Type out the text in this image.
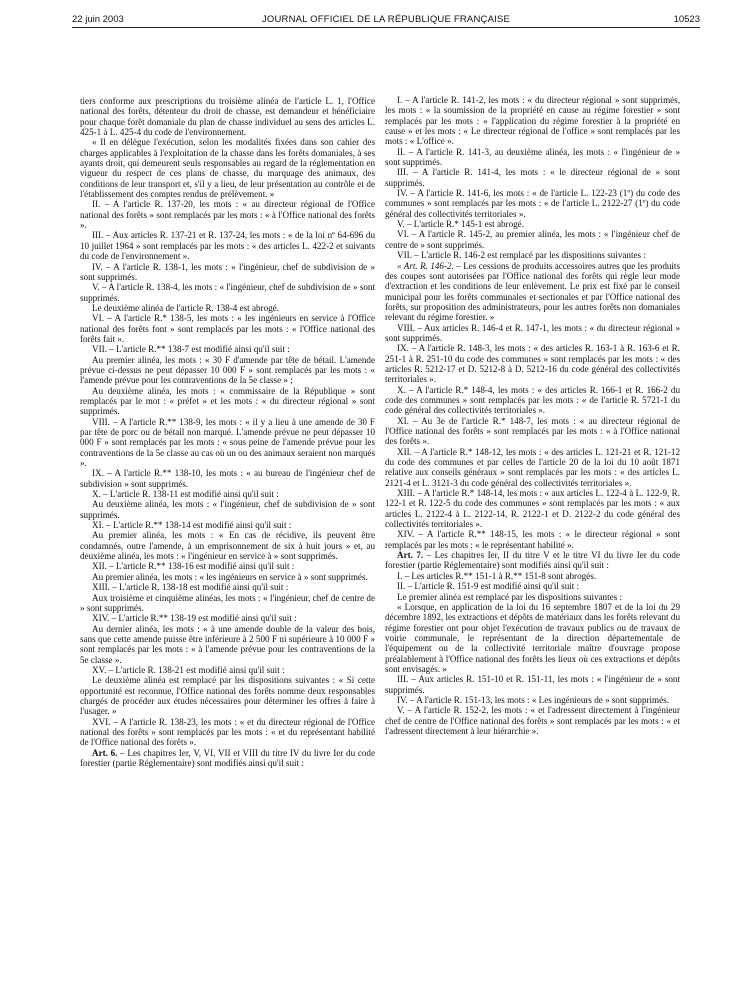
22 juin 2003	JOURNAL OFFICIEL DE LA RÉPUBLIQUE FRANÇAISE	10523

tiers conforme aux prescriptions du troisième alinéa de l'article L. 1, l'Office national des forêts, détenteur du droit de chasse, est demandeur et bénéficiaire pour chaque forêt domaniale du plan de chasse individuel au sens des articles L. 425-1 à L. 425-4 du code de l'environnement.

« Il en délègue l'exécution, selon les modalités fixées dans son cahier des charges applicables à l'exploitation de la chasse dans les forêts domaniales, à ses ayants droit, qui demeurent seuls responsables au regard de la réglementation en vigueur du respect de ces plans de chasse, du marquage des animaux, des conditions de leur transport et, s'il y a lieu, de leur présentation au contrôle et de l'établissement des comptes rendus de prélèvement. »

II. – A l'article R. 137-20, les mots : « au directeur régional de l'Office national des forêts » sont remplacés par les mots : « à l'Office national des forêts ».

III. – Aux articles R. 137-21 et R. 137-24, les mots : « de la loi nº 64-696 du 10 juillet 1964 » sont remplacés par les mots : « des articles L. 422-2 et suivants du code de l'environnement ».

IV. – A l'article R. 138-1, les mots : « l'ingénieur, chef de subdivision de » sont supprimés.

V. – A l'article R. 138-4, les mots : « l'ingénieur, chef de subdivision de » sont supprimés.

Le deuxième alinéa de l'article R. 138-4 est abrogé.

VI. – A l'article R.* 138-5, les mots : « les ingénieurs en service à l'Office national des forêts font » sont remplacés par les mots : « l'Office national des forêts fait ».

VII. – L'article R.** 138-7 est modifié ainsi qu'il suit :

Au premier alinéa, les mots : « 30 F d'amende par tête de bétail. L'amende prévue ci-dessus ne peut dépasser 10 000 F » sont remplacés par les mots : « l'amende prévue pour les contraventions de la 5e classe » ;

Au deuxième alinéa, les mots : « commissaire de la République » sont remplacés par le mot : « préfet » et les mots : « du directeur régional » sont supprimés.

VIII. – A l'article R.** 138-9, les mots : « il y a lieu à une amende de 30 F par tête de porc ou de bétail non marqué. L'amende prévue ne peut dépasser 10 000 F » sont remplacés par les mots : « sous peine de l'amende prévue pour les contraventions de la 5e classe au cas où un ou des animaux seraient non marqués ».

IX. – A l'article R.** 138-10, les mots : « au bureau de l'ingénieur chef de subdivision » sont supprimés.

X. – L'article R. 138-11 est modifié ainsi qu'il suit :

Au deuxième alinéa, les mots : « l'ingénieur, chef de subdivision de » sont supprimés.

XI. – L'article R.** 138-14 est modifié ainsi qu'il suit :

Au premier alinéa, les mots : « En cas de récidive, ils peuvent être condamnés, outre l'amende, à un emprisonnement de six à huit jours » et, au deuxième alinéa, les mots : « l'ingénieur en service à » sont supprimés.

XII. – L'article R.** 138-16 est modifié ainsi qu'il suit :

Au premier alinéa, les mots : « les ingénieurs en service à » sont supprimés.

XIII. – L'article R. 138-18 est modifié ainsi qu'il suit :

Aux troisième et cinquième alinéas, les mots : « l'ingénieur, chef de centre de » sont supprimés.

XIV. – L'article R.** 138-19 est modifié ainsi qu'il suit :

Au dernier alinéa, les mots : « à une amende double de la valeur des bois, sans que cette amende puisse être inférieure à 2 500 F ni supérieure à 10 000 F » sont remplacés par les mots : « à l'amende prévue pour les contraventions de la 5e classe ».

XV. – L'article R. 138-21 est modifié ainsi qu'il suit :

Le deuxième alinéa est remplacé par les dispositions suivantes : « Si cette opportunité est reconnue, l'Office national des forêts nomme deux responsables chargés de procéder aux études nécessaires pour déterminer les offres à faire à l'usager. »

XVI. – A l'article R. 138-23, les mots : « et du directeur régional de l'Office national des forêts » sont remplacés par les mots : « et du représentant habilité de l'Office national des forêts ».

Art. 6. – Les chapitres Ier, V, VI, VII et VIII du titre IV du livre Ier du code forestier (partie Réglementaire) sont modifiés ainsi qu'il suit :

I. – A l'article R. 141-2, les mots : « du directeur régional » sont supprimés, les mots : « la soumission de la propriété en cause au régime forestier » sont remplacés par les mots : « l'application du régime forestier à la propriété en cause » et les mots : « Le directeur régional de l'office » sont remplacés par les mots : « L'office ».

II. – A l'article R. 141-3, au deuxième alinéa, les mots : « l'ingénieur de » sont supprimés.

III. – A l'article R. 141-4, les mots : « le directeur régional de » sont supprimés.

IV. – A l'article R. 141-6, les mots : « de l'article L. 122-23 (1º) du code des communes » sont remplacés par les mots : « de l'article L. 2122-27 (1º) du code général des collectivités territoriales ».

V. – L'article R.* 145-1 est abrogé.

VI. – A l'article R. 145-2, au premier alinéa, les mots : « l'ingénieur chef de centre de » sont supprimés.

VII. – L'article R. 146-2 est remplacé par les dispositions suivantes :

« Art. R. 146-2. – Les cessions de produits accessoires autres que les produits des coupes sont autorisées par l'Office national des forêts qui règle leur mode d'extraction et les conditions de leur enlèvement. Le prix est fixé par le conseil municipal pour les forêts communales et sectionales et par l'Office national des forêts, sur proposition des administrateurs, pour les autres forêts non domaniales relevant du régime forestier. »

VIII. – Aux articles R. 146-4 et R. 147-1, les mots : « du directeur régional » sont supprimés.

IX. – A l'article R. 148-3, les mots : « des articles R. 163-1 à R. 163-6 et R. 251-1 à R. 251-10 du code des communes » sont remplacés par les mots : « des articles R. 5212-17 et D. 5212-8 à D. 5212-16 du code général des collectivités territoriales ».

X. – A l'article R.* 148-4, les mots : « des articles R. 166-1 et R. 166-2 du code des communes » sont remplacés par les mots : « de l'article R. 5721-1 du code général des collectivités territoriales ».

XI. – Au 3e de l'article R.* 148-7, les mots : « au directeur régional de l'Office national des forêts » sont remplacés par les mots : « à l'Office national des forêts ».

XII. – A l'article R.* 148-12, les mots : « des articles L. 121-21 et R. 121-12 du code des communes et par celles de l'article 20 de la loi du 10 août 1871 relative aux conseils généraux » sont remplacés par les mots : « des articles L. 2121-4 et L. 3121-3 du code général des collectivités territoriales ».

XIII. – A l'article R.* 148-14, les mots : « aux articles L. 122-4 à L. 122-9, R. 122-1 et R. 122-5 du code des communes » sont remplacés par les mots : « aux articles L. 2122-4 à L. 2122-14, R. 2122-1 et D. 2122-2 du code général des collectivités territoriales ».

XIV. – A l'article R.** 148-15, les mots : « le directeur régional » sont remplacés par les mots : « le représentant habilité ».

Art. 7. – Les chapitres Ier, II du titre V et le titre VI du livre Ier du code forestier (partie Réglementaire) sont modifiés ainsi qu'il suit :

I. – Les articles R.** 151-1 à R.** 151-8 sont abrogés.

II. – L'article R. 151-9 est modifié ainsi qu'il suit :

Le premier alinéa est remplacé par les dispositions suivantes :

« Lorsque, en application de la loi du 16 septembre 1807 et de la loi du 29 décembre 1892, les extractions et dépôts de matériaux dans les forêts relevant du régime forestier ont pour objet l'exécution de travaux publics ou de travaux de voirie communale, le représentant de la direction départementale de l'équipement ou de la collectivité territoriale maître d'ouvrage propose préalablement à l'Office national des forêts les lieux où ces extractions et dépôts sont envisagés. »

III. – Aux articles R. 151-10 et R. 151-11, les mots : « l'ingénieur de » sont supprimés.

IV. – A l'article R. 151-13, les mots : « Les ingénieurs de » sont supprimés.

V. – A l'article R. 152-2, les mots : « et l'adressent directement à l'ingénieur chef de centre de l'Office national des forêts » sont remplacés par les mots : « et l'adressent directement à leur hiérarchie ».
